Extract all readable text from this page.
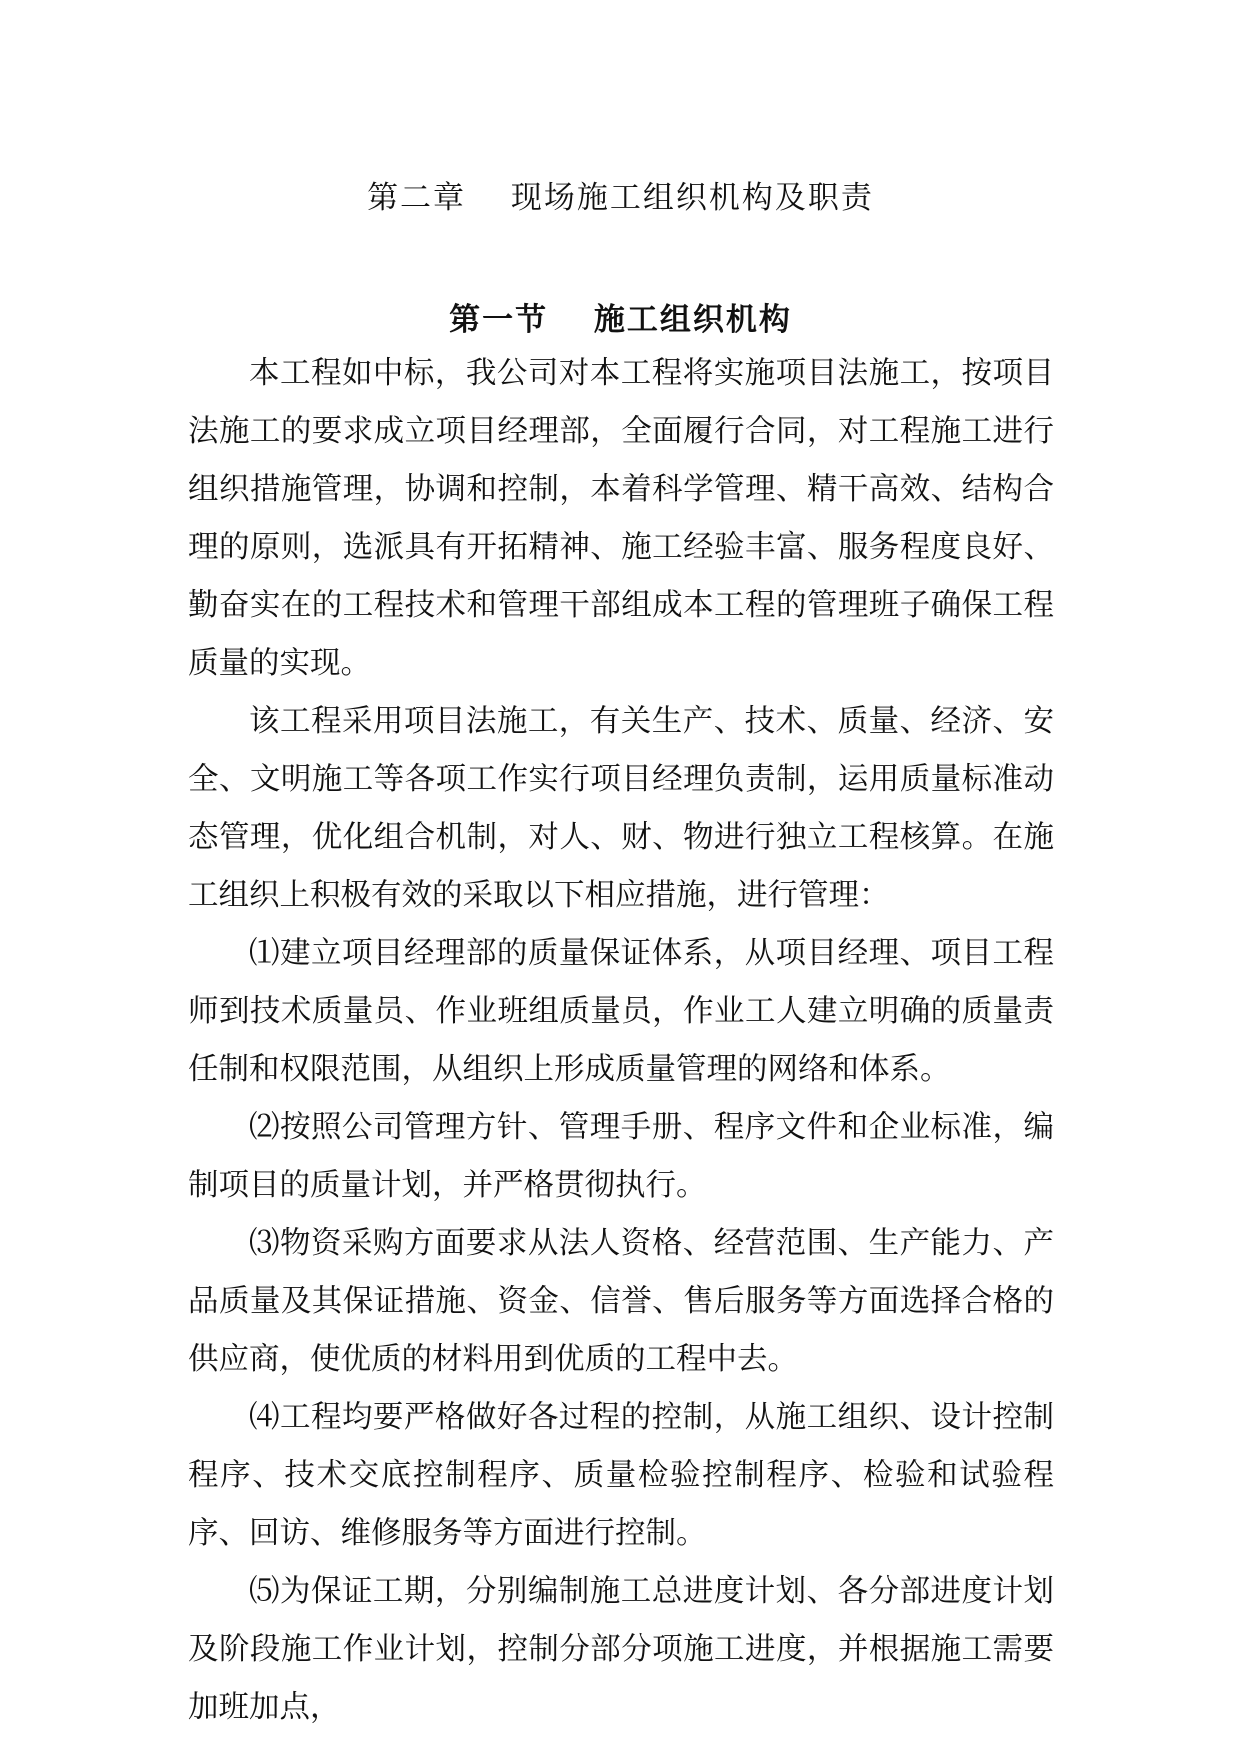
第二章　 现场施工组织机构及职责
第一节　 施工组织机构

本工程如中标，我公司对本工程将实施项目法施工，按项目法施工的要求成立项目经理部，全面履行合同，对工程施工进行组织措施管理，协调和控制，本着科学管理、精干高效、结构合理的原则，选派具有开拓精神、施工经验丰富、服务程度良好、勤奋实在的工程技术和管理干部组成本工程的管理班子确保工程质量的实现。

该工程采用项目法施工，有关生产、技术、质量、经济、安全、文明施工等各项工作实行项目经理负责制，运用质量标准动态管理，优化组合机制，对人、财、物进行独立工程核算。在施工组织上积极有效的采取以下相应措施，进行管理：

⑴建立项目经理部的质量保证体系，从项目经理、项目工程师到技术质量员、作业班组质量员，作业工人建立明确的质量责任制和权限范围，从组织上形成质量管理的网络和体系。

⑵按照公司管理方针、管理手册、程序文件和企业标准，编制项目的质量计划，并严格贯彻执行。

⑶物资采购方面要求从法人资格、经营范围、生产能力、产品质量及其保证措施、资金、信誉、售后服务等方面选择合格的供应商，使优质的材料用到优质的工程中去。

⑷工程均要严格做好各过程的控制，从施工组织、设计控制程序、技术交底控制程序、质量检验控制程序、检验和试验程序、回访、维修服务等方面进行控制。

⑸为保证工期，分别编制施工总进度计划、各分部进度计划及阶段施工作业计划，控制分部分项施工进度，并根据施工需要加班加点，
